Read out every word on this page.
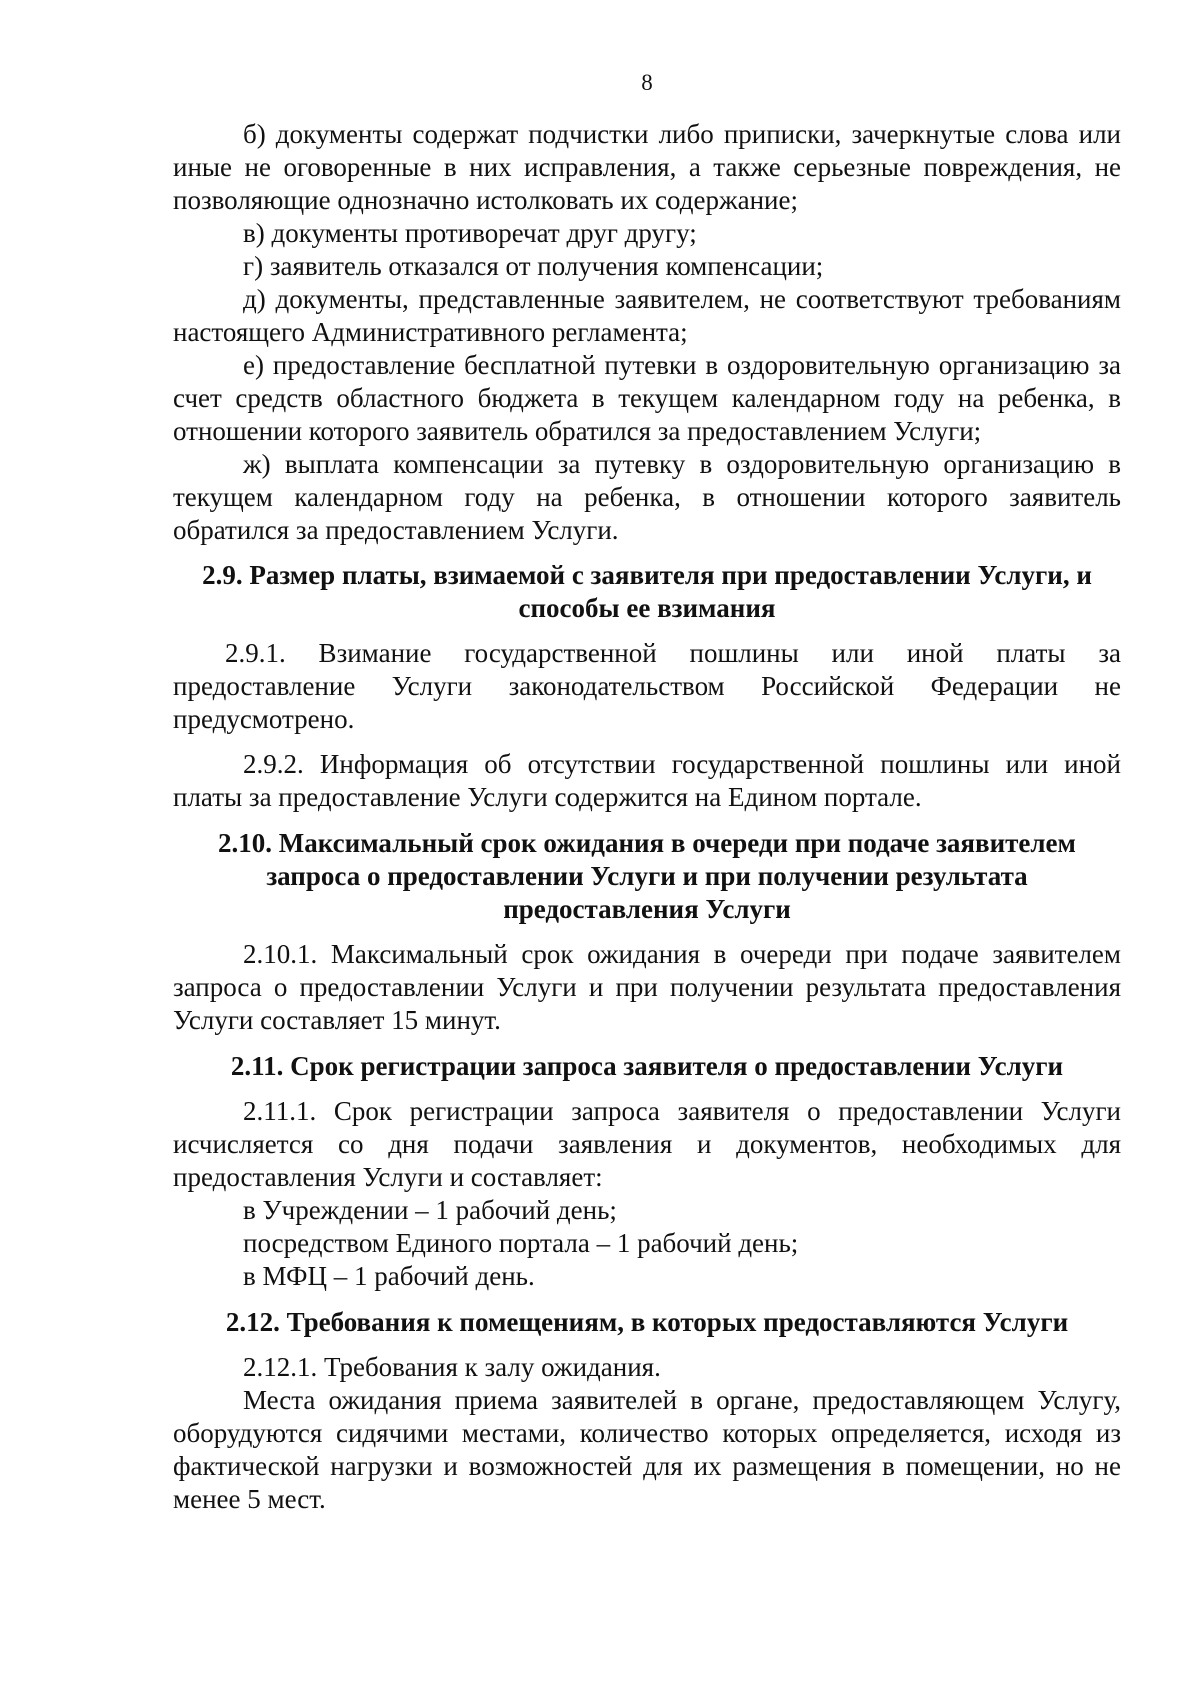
8

б) документы содержат подчистки либо приписки, зачеркнутые слова или иные не оговоренные в них исправления, а также серьезные повреждения, не позволяющие однозначно истолковать их содержание;

в) документы противоречат друг другу;

г) заявитель отказался от получения компенсации;

д) документы, представленные заявителем, не соответствуют требованиям настоящего Административного регламента;

е) предоставление бесплатной путевки в оздоровительную организацию за счет средств областного бюджета в текущем календарном году на ребенка, в отношении которого заявитель обратился за предоставлением Услуги;

ж) выплата компенсации за путевку в оздоровительную организацию в текущем календарном году на ребенка, в отношении которого заявитель обратился за предоставлением Услуги.

2.9. Размер платы, взимаемой с заявителя при предоставлении Услуги, и способы ее взимания

2.9.1. Взимание государственной пошлины или иной платы за предоставление Услуги законодательством Российской Федерации не предусмотрено.

2.9.2. Информация об отсутствии государственной пошлины или иной платы за предоставление Услуги содержится на Едином портале.

2.10. Максимальный срок ожидания в очереди при подаче заявителем запроса о предоставлении Услуги и при получении результата предоставления Услуги

2.10.1. Максимальный срок ожидания в очереди при подаче заявителем запроса о предоставлении Услуги и при получении результата предоставления Услуги составляет 15 минут.

2.11. Срок регистрации запроса заявителя о предоставлении Услуги

2.11.1. Срок регистрации запроса заявителя о предоставлении Услуги исчисляется со дня подачи заявления и документов, необходимых для предоставления Услуги и составляет:

в Учреждении – 1 рабочий день;

посредством Единого портала – 1 рабочий день;

в МФЦ – 1 рабочий день.

2.12. Требования к помещениям, в которых предоставляются Услуги

2.12.1. Требования к залу ожидания.

Места ожидания приема заявителей в органе, предоставляющем Услугу, оборудуются сидячими местами, количество которых определяется, исходя из фактической нагрузки и возможностей для их размещения в помещении, но не менее 5 мест.
